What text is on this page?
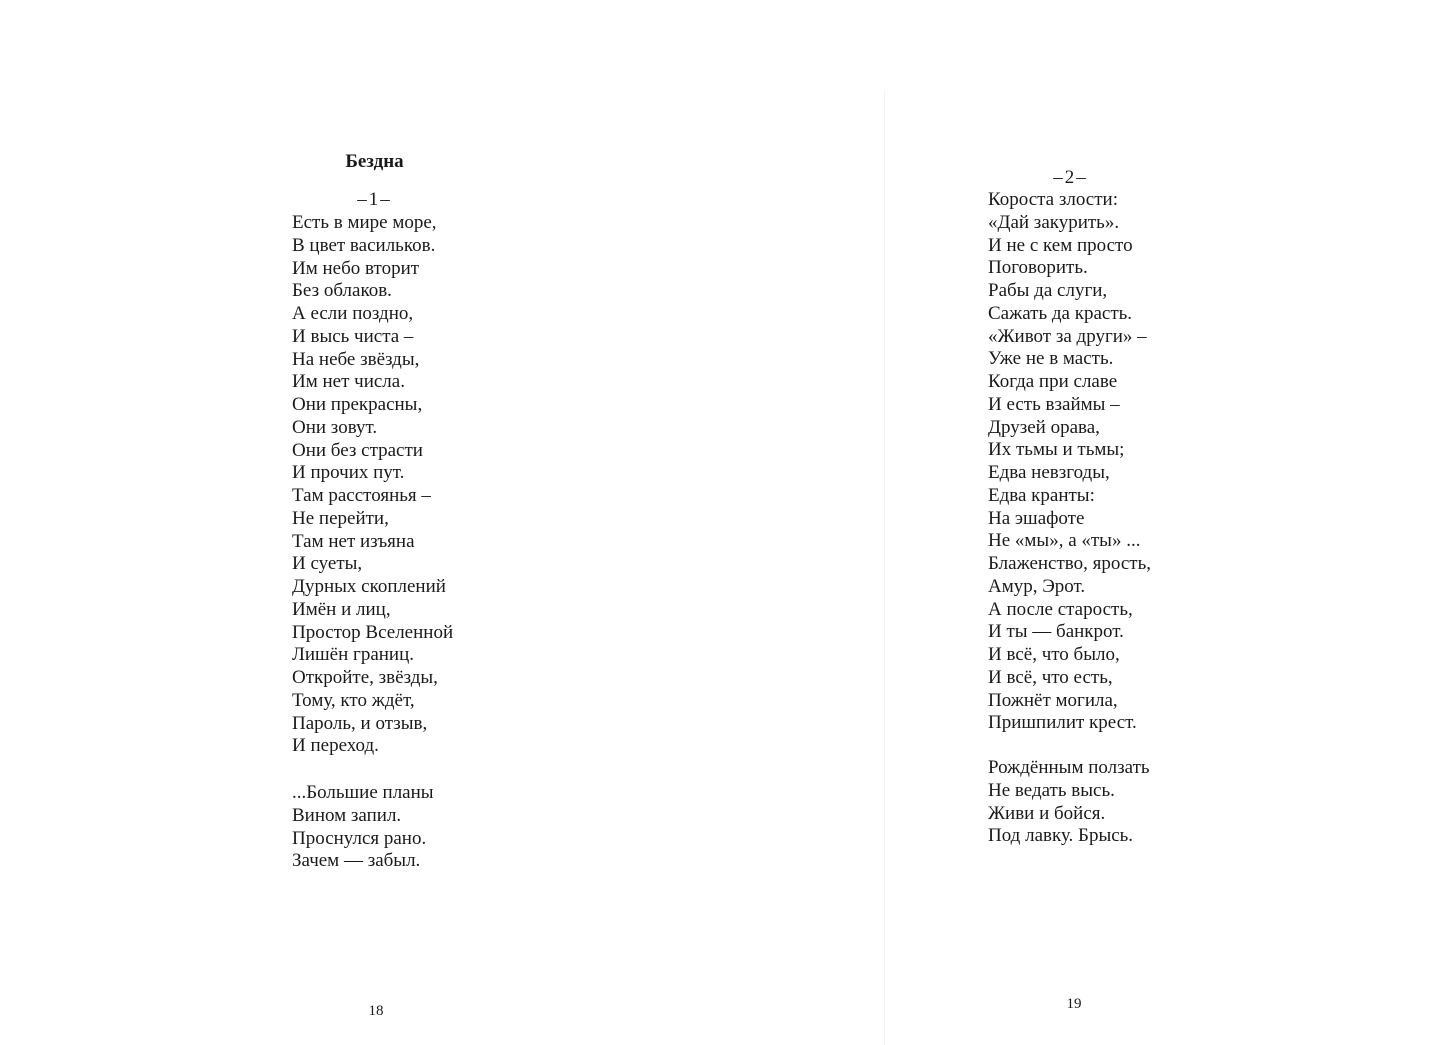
Бездна

–1–

Есть в мире море,
В цвет васильков.
Им небо вторит
Без облаков.
А если поздно,
И высь чиста –
На небе звёзды,
Им нет числа.
Они прекрасны,
Они зовут.
Они без страсти
И прочих пут.
Там расстоянья –
Не перейти,
Там нет изъяна
И суеты,
Дурных скоплений
Имён и лиц,
Простор Вселенной
Лишён границ.
Откройте, звёзды,
Тому, кто ждёт,
Пароль, и отзыв,
И переход.
...Большие планы
Вином запил.
Проснулся рано.
Зачем — забыл.

18

–2–

Короста злости:
«Дай закурить».
И не с кем просто
Поговорить.
Рабы да слуги,
Сажать да красть.
«Живот за други» –
Уже не в масть.
Когда при славе
И есть взаймы –
Друзей орава,
Их тьмы и тьмы;
Едва невзгоды,
Едва кранты:
На эшафоте
Не «мы», а «ты» ...
Блаженство, ярость,
Амур, Эрот.
А после старость,
И ты — банкрот.
И всё, что было,
И всё, что есть,
Пожнёт могила,
Пришпилит крест.
Рождённым ползать
Не ведать высь.
Живи и бойся.
Под лавку. Брысь.

19
